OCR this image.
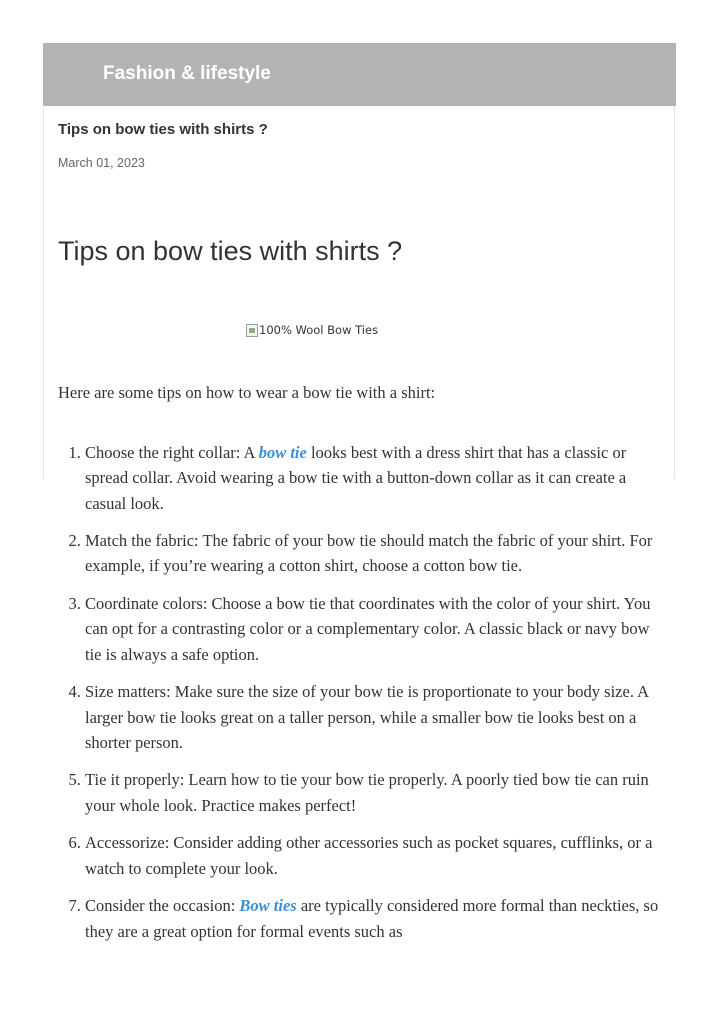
Fashion & lifestyle
Tips on bow ties with shirts ?
March 01, 2023
Tips on bow ties with shirts ?
100% Wool Bow Ties

Here are some tips on how to wear a bow tie with a shirt:

1. Choose the right collar: A bow tie looks best with a dress shirt that has a classic or spread collar. Avoid wearing a bow tie with a button-down collar as it can create a casual look.
2. Match the fabric: The fabric of your bow tie should match the fabric of your shirt. For example, if you’re wearing a cotton shirt, choose a cotton bow tie.
3. Coordinate colors: Choose a bow tie that coordinates with the color of your shirt. You can opt for a contrasting color or a complementary color. A classic black or navy bow tie is always a safe option.
4. Size matters: Make sure the size of your bow tie is proportionate to your body size. A larger bow tie looks great on a taller person, while a smaller bow tie looks best on a shorter person.
5. Tie it properly: Learn how to tie your bow tie properly. A poorly tied bow tie can ruin your whole look. Practice makes perfect!
6. Accessorize: Consider adding other accessories such as pocket squares, cufflinks, or a watch to complete your look.
7. Consider the occasion: Bow ties are typically considered more formal than neckties, so they are a great option for formal events such as
